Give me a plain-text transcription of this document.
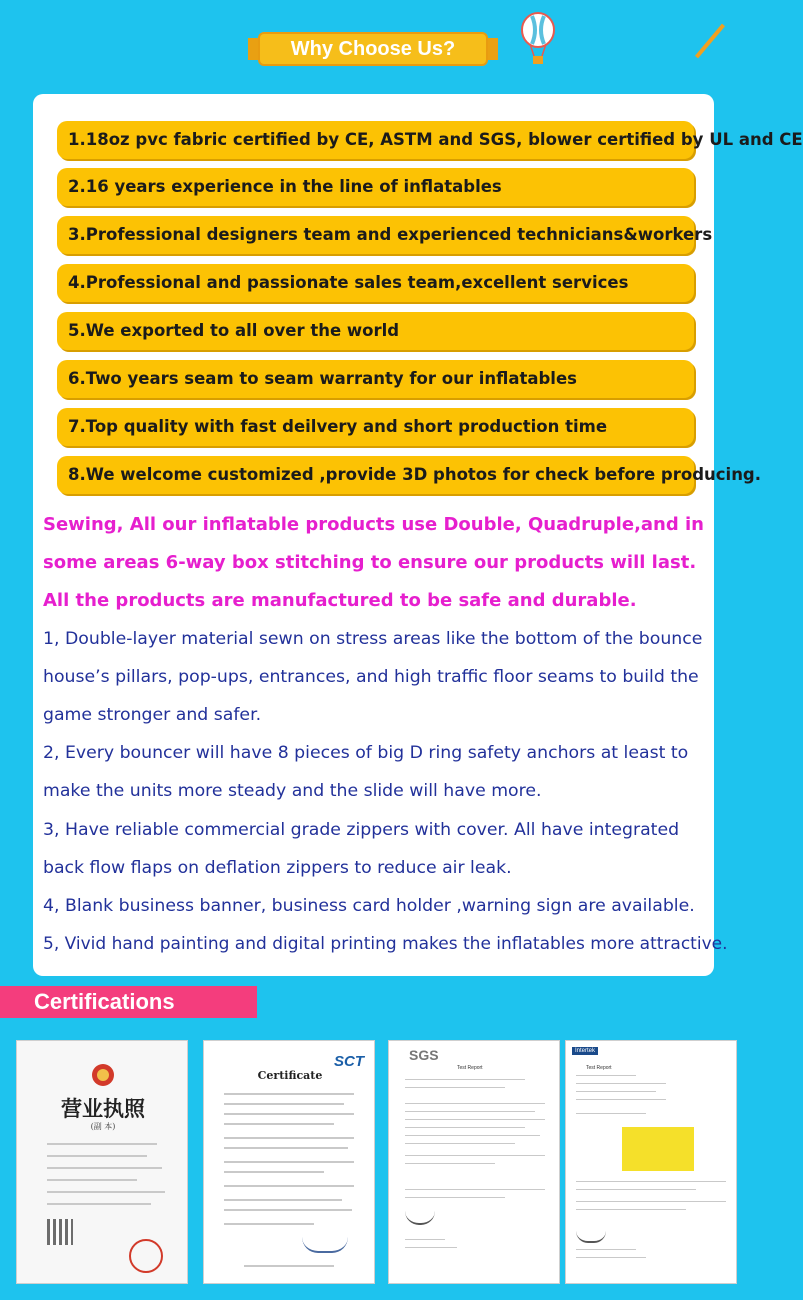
Why Choose Us?
1.18oz pvc fabric certified by CE, ASTM and SGS, blower certified by UL and CE
2.16 years experience in the line of inflatables
3.Professional designers team and experienced technicians&workers
4.Professional and passionate sales team,excellent services
5.We exported to all over the world
6.Two years seam to seam warranty for our inflatables
7.Top quality with fast deilvery and short production time
8.We welcome customized ,provide 3D photos for check before producing.
Sewing, All our inflatable products use Double, Quadruple,and in
some areas 6-way box stitching to ensure our products will last.
All the products are manufactured to be safe and durable.
1, Double-layer material sewn on stress areas like the bottom of the bounce
house’s pillars, pop-ups, entrances, and high traffic floor seams to build the
game stronger and safer.
2, Every bouncer will have 8 pieces of big D ring safety anchors at least to
make the units more steady and the slide will have more.
3, Have reliable commercial grade zippers with cover. All have integrated
back flow flaps on deflation zippers to reduce air leak.
4, Blank business banner, business card holder ,warning sign are available.
5, Vivid hand painting and digital printing makes the inflatables more attractive.
Certifications
营业执照
(副 本)
SCT
Certificate
SGS
Test Report
Intertek
Test Report
